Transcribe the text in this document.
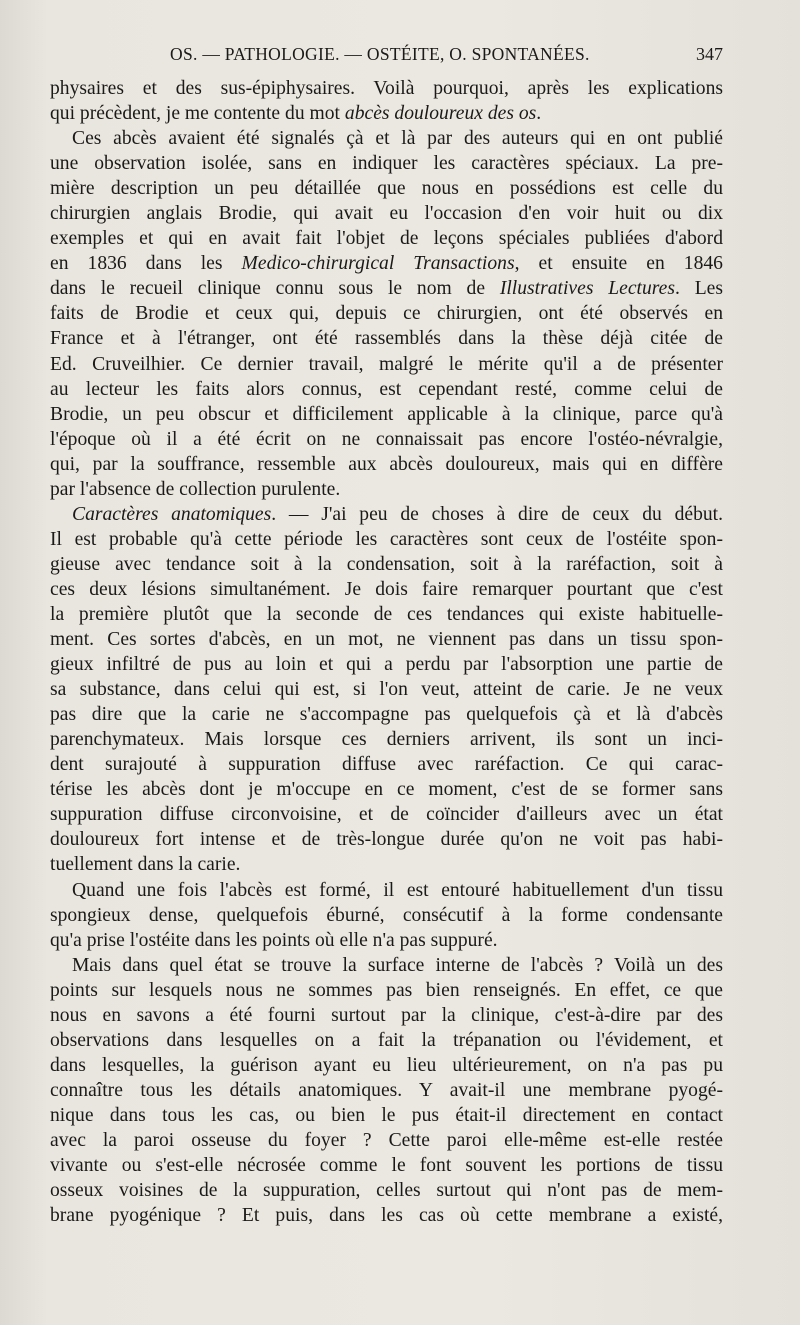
OS. — PATHOLOGIE. — OSTÉITE, O. SPONTANÉES.	347
physaires et des sus-épiphysaires. Voilà pourquoi, après les explications
qui précèdent, je me contente du mot abcès douloureux des os.
Ces abcès avaient été signalés çà et là par des auteurs qui en ont publié
une observation isolée, sans en indiquer les caractères spéciaux. La pre-
mière description un peu détaillée que nous en possédions est celle du
chirurgien anglais Brodie, qui avait eu l'occasion d'en voir huit ou dix
exemples et qui en avait fait l'objet de leçons spéciales publiées d'abord
en 1836 dans les Medico-chirurgical Transactions, et ensuite en 1846
dans le recueil clinique connu sous le nom de Illustratives Lectures. Les
faits de Brodie et ceux qui, depuis ce chirurgien, ont été observés en
France et à l'étranger, ont été rassemblés dans la thèse déjà citée de
Ed. Cruveilhier. Ce dernier travail, malgré le mérite qu'il a de présenter
au lecteur les faits alors connus, est cependant resté, comme celui de
Brodie, un peu obscur et difficilement applicable à la clinique, parce qu'à
l'époque où il a été écrit on ne connaissait pas encore l'ostéo-névralgie,
qui, par la souffrance, ressemble aux abcès douloureux, mais qui en diffère
par l'absence de collection purulente.
Caractères anatomiques. — J'ai peu de choses à dire de ceux du début.
Il est probable qu'à cette période les caractères sont ceux de l'ostéite spon-
gieuse avec tendance soit à la condensation, soit à la raréfaction, soit à
ces deux lésions simultanément. Je dois faire remarquer pourtant que c'est
la première plutôt que la seconde de ces tendances qui existe habituelle-
ment. Ces sortes d'abcès, en un mot, ne viennent pas dans un tissu spon-
gieux infiltré de pus au loin et qui a perdu par l'absorption une partie de
sa substance, dans celui qui est, si l'on veut, atteint de carie. Je ne veux
pas dire que la carie ne s'accompagne pas quelquefois çà et là d'abcès
parenchymateux. Mais lorsque ces derniers arrivent, ils sont un inci-
dent surajouté à suppuration diffuse avec raréfaction. Ce qui carac-
térise les abcès dont je m'occupe en ce moment, c'est de se former sans
suppuration diffuse circonvoisine, et de coïncider d'ailleurs avec un état
douloureux fort intense et de très-longue durée qu'on ne voit pas habi-
tuellement dans la carie.
Quand une fois l'abcès est formé, il est entouré habituellement d'un tissu
spongieux dense, quelquefois éburné, consécutif à la forme condensante
qu'a prise l'ostéite dans les points où elle n'a pas suppuré.
Mais dans quel état se trouve la surface interne de l'abcès ? Voilà un des
points sur lesquels nous ne sommes pas bien renseignés. En effet, ce que
nous en savons a été fourni surtout par la clinique, c'est-à-dire par des
observations dans lesquelles on a fait la trépanation ou l'évidement, et
dans lesquelles, la guérison ayant eu lieu ultérieurement, on n'a pas pu
connaître tous les détails anatomiques. Y avait-il une membrane pyogé-
nique dans tous les cas, ou bien le pus était-il directement en contact
avec la paroi osseuse du foyer ? Cette paroi elle-même est-elle restée
vivante ou s'est-elle nécrosée comme le font souvent les portions de tissu
osseux voisines de la suppuration, celles surtout qui n'ont pas de mem-
brane pyogénique ? Et puis, dans les cas où cette membrane a existé,
